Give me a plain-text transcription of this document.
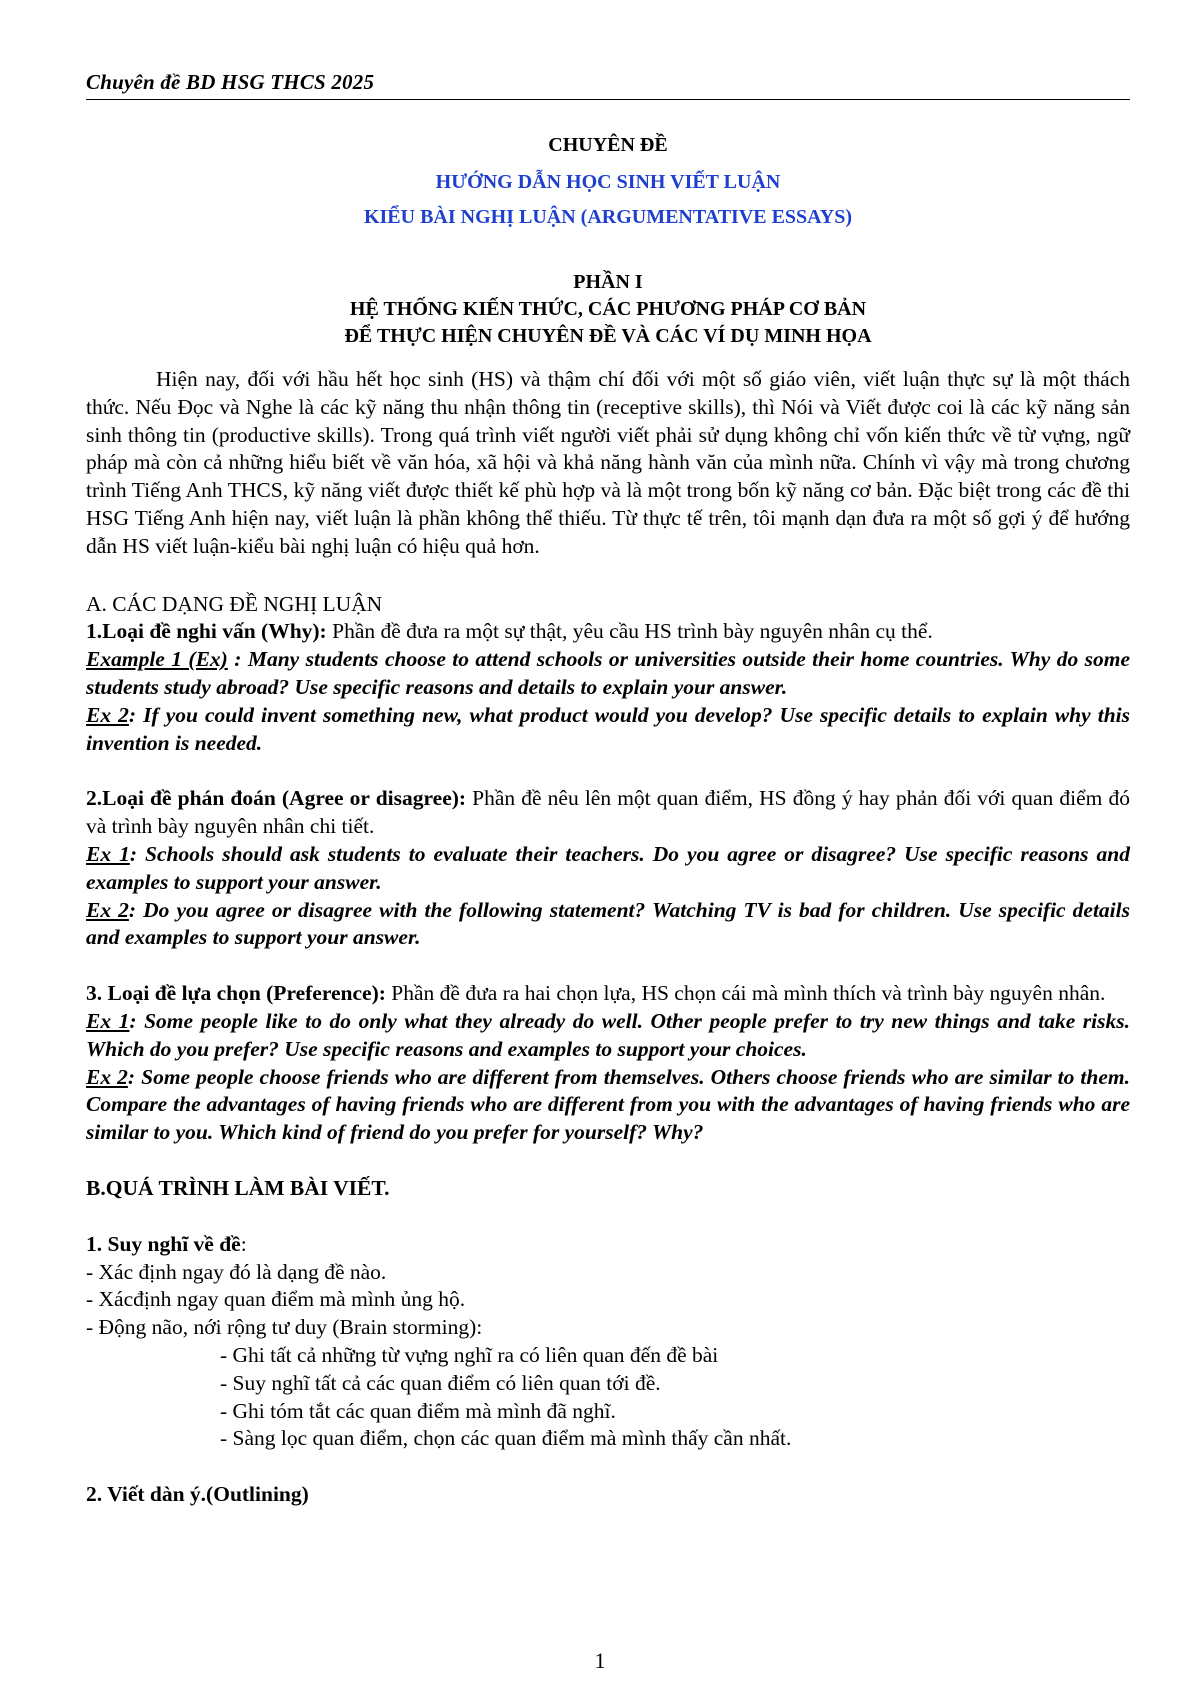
Chuyên đề BD HSG THCS 2025
CHUYÊN ĐỀ
HƯỚNG DẪN HỌC SINH VIẾT LUẬN
KIỂU BÀI NGHỊ LUẬN (ARGUMENTATIVE ESSAYS)
PHẦN I
HỆ THỐNG KIẾN THỨC, CÁC PHƯƠNG PHÁP CƠ BẢN
ĐỂ THỰC HIỆN CHUYÊN ĐỀ VÀ CÁC VÍ DỤ MINH HỌA

Hiện nay, đối với hầu hết học sinh (HS) và thậm chí đối với một số giáo viên, viết luận thực sự là một thách thức. Nếu Đọc và Nghe là các kỹ năng thu nhận thông tin (receptive skills), thì Nói và Viết được coi là các kỹ năng sản sinh thông tin (productive skills). Trong quá trình viết người viết phải sử dụng không chỉ vốn kiến thức về từ vựng, ngữ pháp mà còn cả những hiểu biết về văn hóa, xã hội và khả năng hành văn của mình nữa. Chính vì vậy mà trong chương trình Tiếng Anh THCS, kỹ năng viết được thiết kế phù hợp và là một trong bốn kỹ năng cơ bản. Đặc biệt trong các đề thi HSG Tiếng Anh hiện nay, viết luận là phần không thể thiếu. Từ thực tế trên, tôi mạnh dạn đưa ra một số gợi ý để hướng dẫn HS viết luận-kiểu bài nghị luận có hiệu quả hơn.

A. CÁC DẠNG ĐỀ NGHỊ LUẬN

1.Loại đề nghi vấn (Why): Phần đề đưa ra một sự thật, yêu cầu HS trình bày nguyên nhân cụ thể.

Example 1 (Ex) : Many students choose to attend schools or universities outside their home countries. Why do some students study abroad? Use specific reasons and details to explain your answer.

Ex 2: If you could invent something new, what product would you develop? Use specific details to explain why this invention is needed.

2.Loại đề phán đoán (Agree or disagree): Phần đề nêu lên một quan điểm, HS đồng ý hay phản đối với quan điểm đó và trình bày nguyên nhân chi tiết.

Ex 1: Schools should ask students to evaluate their teachers. Do you agree or disagree? Use specific reasons and examples to support your answer.

Ex 2: Do you agree or disagree with the following statement? Watching TV is bad for children. Use specific details and examples to support your answer.

3. Loại đề lựa chọn (Preference): Phần đề đưa ra hai chọn lựa, HS chọn cái mà mình thích và trình bày nguyên nhân.

Ex 1: Some people like to do only what they already do well. Other people prefer to try new things and take risks. Which do you prefer? Use specific reasons and examples to support your choices.

Ex 2: Some people choose friends who are different from themselves. Others choose friends who are similar to them. Compare the advantages of having friends who are different from you with the advantages of having friends who are similar to you. Which kind of friend do you prefer for yourself? Why?

B.QUÁ TRÌNH LÀM BÀI VIẾT.
1. Suy nghĩ về đề:
- Xác định ngay đó là dạng đề nào.
- Xácđịnh ngay quan điểm mà mình ủng hộ.
- Động não, nới rộng tư duy (Brain storming):
- Ghi tất cả những từ vựng nghĩ ra có liên quan đến đề bài
- Suy nghĩ tất cả các quan điểm có liên quan tới đề.
- Ghi tóm tắt các quan điểm mà mình đã nghĩ.
- Sàng lọc quan điểm, chọn các quan điểm mà mình thấy cần nhất.
2. Viết dàn ý.(Outlining)
1
